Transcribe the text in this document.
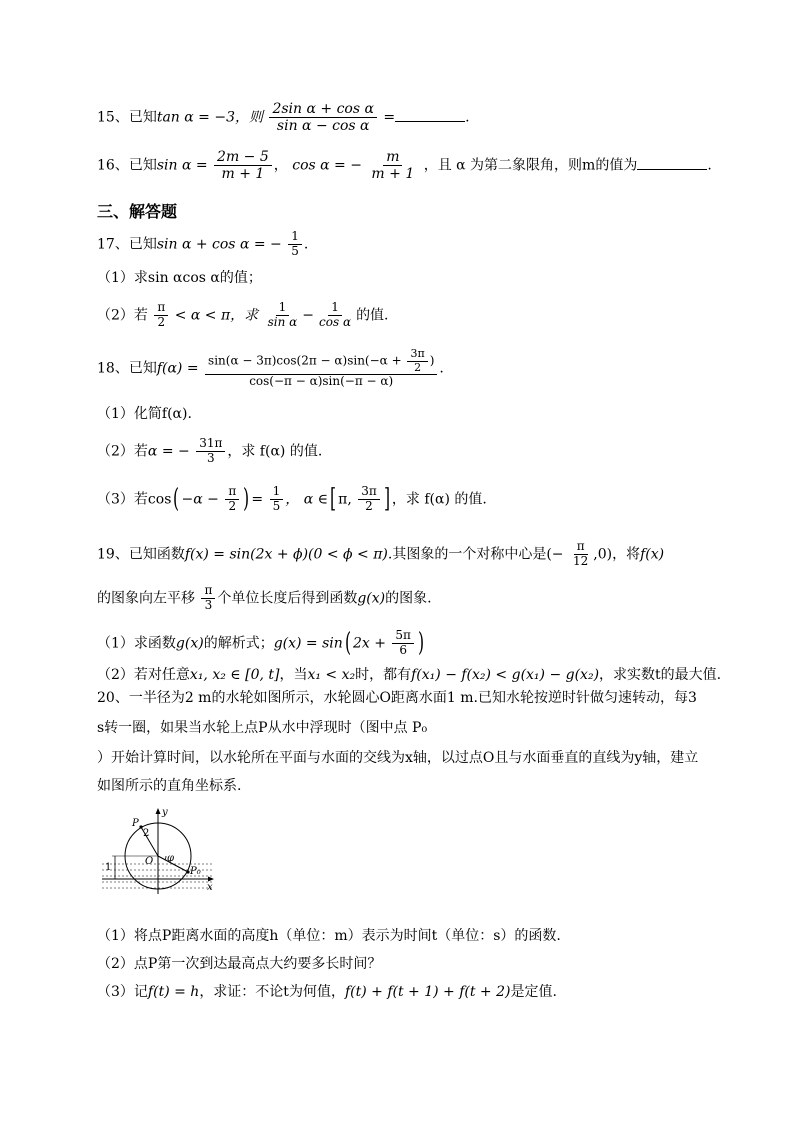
15、已知tan α = −3，则 $\frac{\text{2sin α + cos α}}{\text{sin α − cos α}}$ =	.
16、已知$\sin \alpha = \frac{2m - 5}{m + 1}$ ， cos α = − $\frac{m}{m + 1}$ ，且 α 为第二象限角，则m的值为	.
三、解答题
17、已知sin α + cos α = − $\frac{1}{5}$ .
（1）求sin αcos α的值；
（2）若 $\frac{\pi}{2} < \alpha < \pi$，求 $\frac{1}{\text{sin α}} - \frac{1}{\text{cos α}}$ 的值.
18、已知$f(\alpha) = \sin(\alpha - 3\pi)\cos(2\pi - \alpha)\sin(-\alpha + \frac{3\pi}{2}$ )
cos(−π − α)sin(−π − α)
.
（1）化简f(α).
（2）若α = − $\frac{31\pi}{3}$ ，求 f(α) 的值.
（3）若$\cos( -\alpha - \frac{\pi}{2}$ ) = $\frac{1}{5}$ ， α ∈[ π, $\frac{3\pi}{2}$ ] ，求 f(α) 的值.
19、已知函数f(x) = sin(2x + ϕ)(0 < ϕ < π).其图象的一个对称中心是(− $\frac{\pi}{12} ,0$)，将f(x)
的图象向左平移 $\frac{\pi}{3}$ 个单位长度后得到函数g(x)的图象.
（1）求函数g(x)的解析式；g(x) = sin( $2x + \frac{5\pi}{6}$ )
（2）若对任意x₁, x₂ ∈ [0, t]，当x₁ < x₂时，都有f(x₁) − f(x₂) < g(x₁) − g(x₂)，求实数t的最大值.
20、一半径为2 m的水轮如图所示，水轮圆心O距离水面1 m.已知水轮按逆时针做匀速转动，每3
s转一圈，如果当水轮上点P从水中浮现时（图中点 P₀
）开始计算时间，以水轮所在平面与水面的交线为x轴，以过点O且与水面垂直的直线为y轴，建立
如图所示的直角坐标系.
y
x
P
P₀
O φ
2
1
（1）将点P距离水面的高度h（单位：m）表示为时间t（单位：s）的函数.
（2）点P第一次到达最高点大约要多长时间？
（3）记f(t) = h，求证：不论t为何值，f(t) + f(t + 1) + f(t + 2)是定值.
